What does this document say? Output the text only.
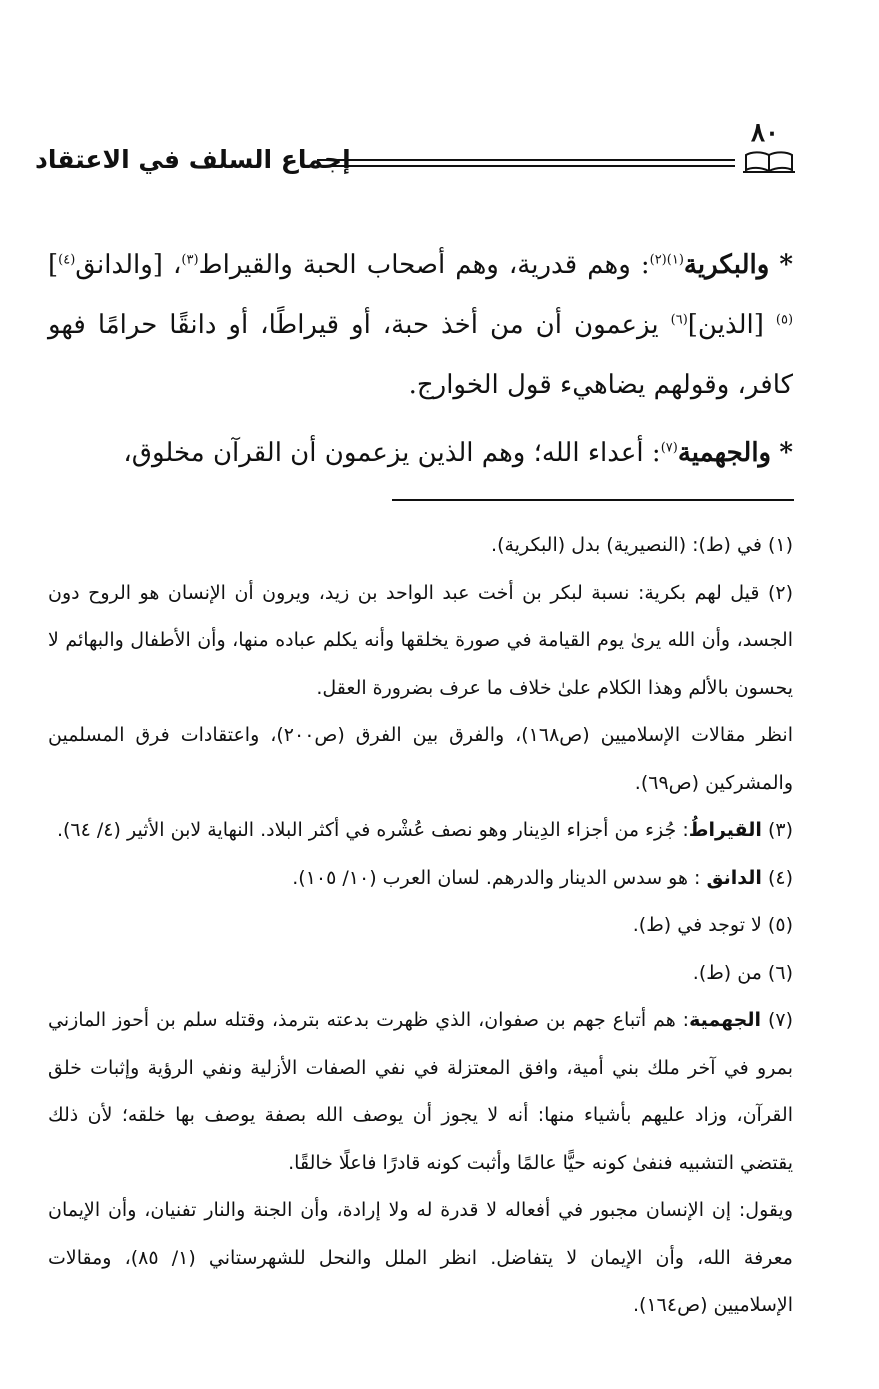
٨٠
إجماع السلف في الاعتقاد

* والبكرية$^{(١)(٢)}$: وهم قدرية، وهم أصحاب الحبة والقيراط$^{(٣)}$، [والدانق$^{(٤)}$] $^{(٥)}$ [الذين]$^{(٦)}$ يزعمون أن من أخذ حبة، أو قيراطًا، أو دانقًا حرامًا فهو كافر، وقولهم يضاهيء قول الخوارج.

* والجهمية$^{(٧)}$: أعداء الله؛ وهم الذين يزعمون أن القرآن مخلوق،

(١) في (ط): (النصيرية) بدل (البكرية).

(٢) قيل لهم بكرية: نسبة لبكر بن أخت عبد الواحد بن زيد، ويرون أن الإنسان هو الروح دون الجسد، وأن الله يرىٰ يوم القيامة في صورة يخلقها وأنه يكلم عباده منها، وأن الأطفال والبهائم لا يحسون بالألم وهذا الكلام علىٰ خلاف ما عرف بضرورة العقل.

انظر مقالات الإسلاميين (ص١٦٨)، والفرق بين الفرق (ص٢٠٠)، واعتقادات فرق المسلمين والمشركين (ص٦٩).

(٣) القيراطُ: جُزء من أجزاء الدِينار وهو نصف عُشْره في أكثر البلاد. النهاية لابن الأثير (٤/ ٦٤).

(٤) الدانق : هو سدس الدينار والدرهم. لسان العرب (١٠/ ١٠٥).

(٥) لا توجد في (ط).

(٦) من (ط).

(٧) الجهمية: هم أتباع جهم بن صفوان، الذي ظهرت بدعته بترمذ، وقتله سلم بن أحوز المازني بمرو في آخر ملك بني أمية، وافق المعتزلة في نفي الصفات الأزلية ونفي الرؤية وإثبات خلق القرآن، وزاد عليهم بأشياء منها: أنه لا يجوز أن يوصف الله بصفة يوصف بها خلقه؛ لأن ذلك يقتضي التشبيه فنفىٰ كونه حيًّا عالمًا وأثبت كونه قادرًا فاعلًا خالقًا.

ويقول: إن الإنسان مجبور في أفعاله لا قدرة له ولا إرادة، وأن الجنة والنار تفنيان، وأن الإيمان معرفة الله، وأن الإيمان لا يتفاضل. انظر الملل والنحل للشهرستاني (١/ ٨٥)، ومقالات الإسلاميين (ص١٦٤).
